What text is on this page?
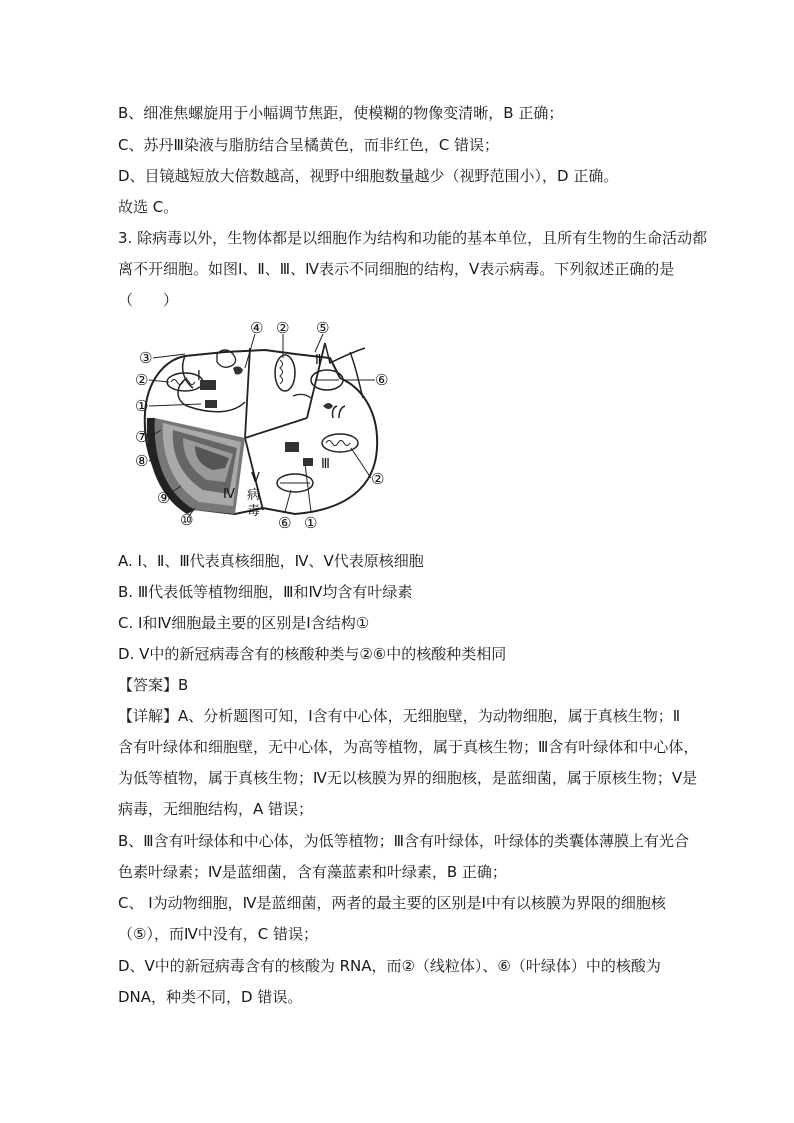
B、细准焦螺旋用于小幅调节焦距，使模糊的物像变清晰，B 正确；
C、苏丹Ⅲ染液与脂肪结合呈橘黄色，而非红色，C 错误；
D、目镜越短放大倍数越高，视野中细胞数量越少（视野范围小），D 正确。
故选 C。
3. 除病毒以外，生物体都是以细胞作为结构和功能的基本单位，且所有生物的生命活动都
离不开细胞。如图Ⅰ、Ⅱ、Ⅲ、Ⅳ表示不同细胞的结构，Ⅴ表示病毒。下列叙述正确的是
（　　）
④ ② ⑤
③
②
①
⑦
⑧
⑨
⑩
⑥
②
⑥ ①
Ⅰ
Ⅱ
Ⅲ
Ⅳ
Ⅴ
病
毒
A. Ⅰ、Ⅱ、Ⅲ代表真核细胞，Ⅳ、Ⅴ代表原核细胞
B. Ⅲ代表低等植物细胞，Ⅲ和Ⅳ均含有叶绿素
C. Ⅰ和Ⅳ细胞最主要的区别是Ⅰ含结构①
D. Ⅴ中的新冠病毒含有的核酸种类与②⑥中的核酸种类相同
【答案】B
【详解】A、分析题图可知，Ⅰ含有中心体，无细胞壁，为动物细胞，属于真核生物；Ⅱ
含有叶绿体和细胞壁，无中心体，为高等植物，属于真核生物；Ⅲ含有叶绿体和中心体，
为低等植物，属于真核生物；Ⅳ无以核膜为界的细胞核，是蓝细菌，属于原核生物；Ⅴ是
病毒，无细胞结构，A 错误；
B、Ⅲ含有叶绿体和中心体，为低等植物；Ⅲ含有叶绿体，叶绿体的类囊体薄膜上有光合
色素叶绿素；Ⅳ是蓝细菌，含有藻蓝素和叶绿素，B 正确；
C、 Ⅰ为动物细胞，Ⅳ是蓝细菌，两者的最主要的区别是Ⅰ中有以核膜为界限的细胞核
（⑤），而Ⅳ中没有，C 错误；
D、Ⅴ中的新冠病毒含有的核酸为 RNA，而②（线粒体）、⑥（叶绿体）中的核酸为
DNA，种类不同，D 错误。
